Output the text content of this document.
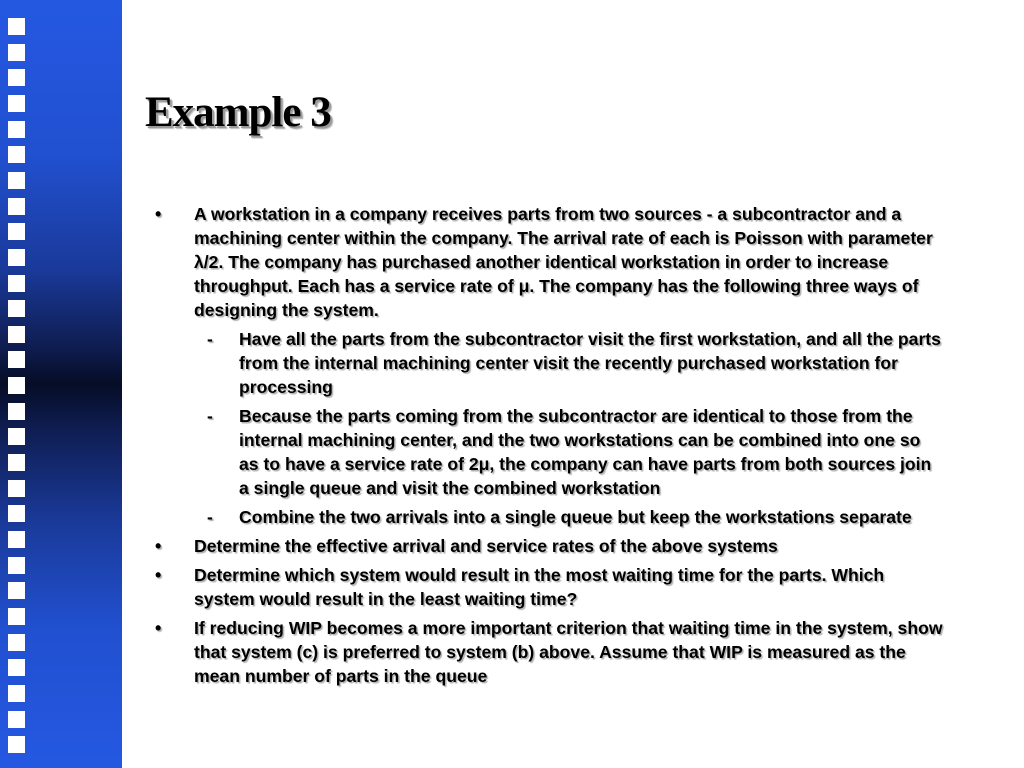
Example 3
• A workstation in a company receives parts from two sources - a subcontractor and a machining center within the company. The arrival rate of each is Poisson with parameter λ/2. The company has purchased another identical workstation in order to increase throughput. Each has a service rate of μ. The company has the following three ways of designing the system.
- Have all the parts from the subcontractor visit the first workstation, and all the parts from the internal machining center visit the recently purchased workstation for processing
- Because the parts coming from the subcontractor are identical to those from the internal machining center, and the two workstations can be combined into one so as to have a service rate of 2μ, the company can have parts from both sources join a single queue and visit the combined workstation
- Combine the two arrivals into a single queue but keep the workstations separate
• Determine the effective arrival and service rates of the above systems
• Determine which system would result in the most waiting time for the parts. Which system would result in the least waiting time?
• If reducing WIP becomes a more important criterion that waiting time in the system, show that system (c) is preferred to system (b) above. Assume that WIP is measured as the mean number of parts in the queue
